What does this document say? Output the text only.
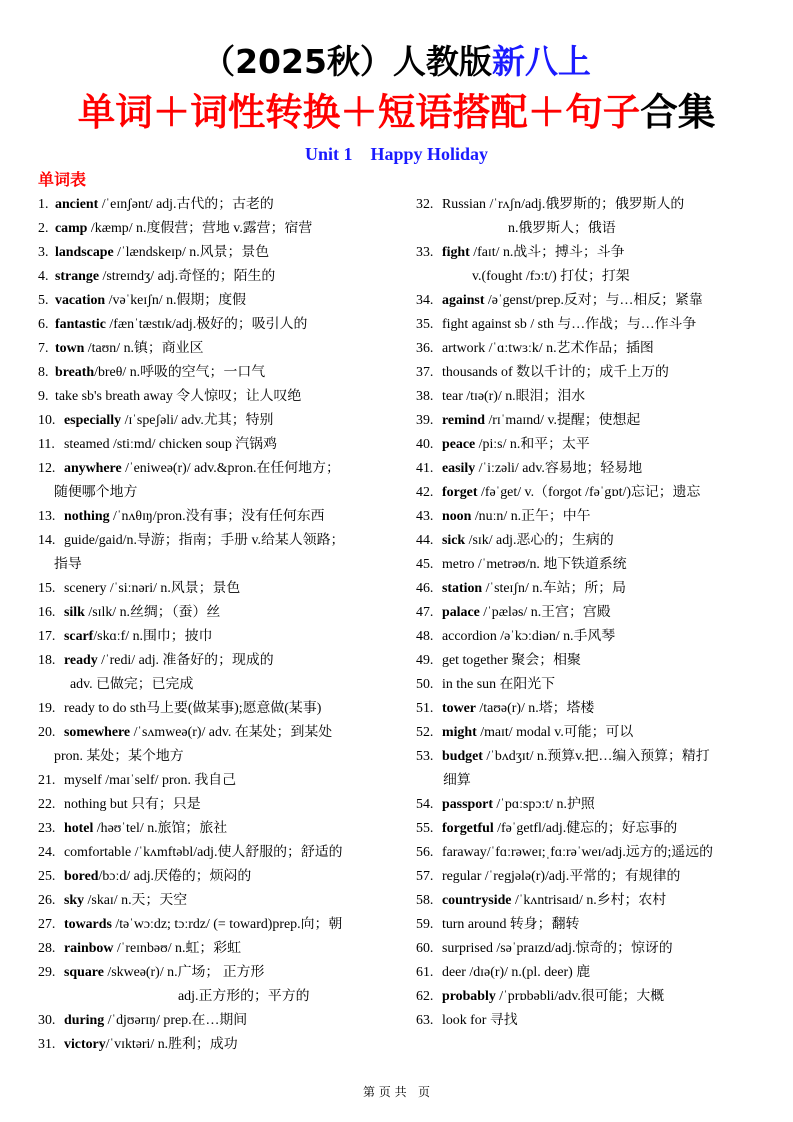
（2025秋）人教版新八上
单词＋词性转换＋短语搭配＋句子合集
Unit 1    Happy Holiday
单词表
1. ancient /ˈeɪnʃənt/ adj.古代的；古老的
2. camp /kæmp/ n.度假营；营地 v.露营；宿营
3. landscape /ˈlændskeɪp/ n.风景；景色
4. strange /streɪndʒ/ adj.奇怪的；陌生的
5. vacation /vəˈkeɪʃn/ n.假期；度假
6. fantastic /fænˈtæstɪk/adj.极好的；吸引人的
7. town /taʊn/ n.镇；商业区
8. breath/breθ/ n.呼吸的空气；一口气
9. take sb's breath away 令人惊叹；让人叹绝
10. especially /ɪˈspeʃəli/ adv.尤其；特别
11. steamed /stiːmd/ chicken soup 汽锅鸡
12. anywhere /ˈeniweə(r)/ adv.&pron.在任何地方；
随便哪个地方
13. nothing /ˈnʌθɪŋ/pron.没有事；没有任何东西
14. guide/gaid/n.导游；指南；手册 v.给某人领路；
指导
15. scenery /ˈsiːnəri/ n.风景；景色
16. silk /sɪlk/ n.丝绸；（蚕）丝
17. scarf/skɑːf/ n.围巾；披巾
18. ready /ˈredi/ adj. 准备好的；现成的
adv. 已做完；已完成
19. ready to do sth马上要(做某事);愿意做(某事)
20. somewhere /ˈsʌmweə(r)/ adv. 在某处；到某处
pron. 某处；某个地方
21. myself /maɪˈself/ pron. 我自己
22. nothing but 只有；只是
23. hotel /həʊˈtel/ n.旅馆；旅社
24. comfortable /ˈkʌmftəbl/adj.使人舒服的；舒适的
25. bored/bɔːd/ adj.厌倦的；烦闷的
26. sky /skaɪ/ n.天；天空
27. towards /təˈwɔːdz; tɔːrdz/ (= toward)prep.向；朝
28. rainbow /ˈreɪnbəʊ/ n.虹；彩虹
29. square /skweə(r)/ n.广场； 正方形
adj.正方形的；平方的
30. during /ˈdjʊərɪŋ/ prep.在…期间
31. victory/ˈvɪktəri/ n.胜利；成功
32. Russian /ˈrʌʃn/adj.俄罗斯的；俄罗斯人的
n.俄罗斯人；俄语
33. fight /faɪt/ n.战斗；搏斗；斗争
v.(fought /fɔːt/) 打仗；打架
34. against /əˈgenst/prep.反对；与…相反；紧靠
35. fight against sb / sth 与…作战；与…作斗争
36. artwork /ˈɑːtwɜːk/ n.艺术作品；插图
37. thousands of 数以千计的；成千上万的
38. tear /tɪə(r)/ n.眼泪；泪水
39. remind /rɪˈmaɪnd/ v.提醒；使想起
40. peace /piːs/ n.和平；太平
41. easily /ˈiːzəli/ adv.容易地；轻易地
42. forget /fəˈget/ v.（forgot /fəˈgɒt/)忘记；遗忘
43. noon /nuːn/ n.正午；中午
44. sick /sɪk/ adj.恶心的；生病的
45. metro /ˈmetrəʊ/n. 地下铁道系统
46. station /ˈsteɪʃn/ n.车站；所；局
47. palace /ˈpæləs/ n.王宫；宫殿
48. accordion /əˈkɔːdiən/ n.手风琴
49. get together 聚会；相聚
50. in the sun 在阳光下
51. tower /taʊə(r)/ n.塔；塔楼
52. might /maɪt/ modal v.可能；可以
53. budget /ˈbʌdʒɪt/ n.预算v.把…编入预算；精打
细算
54. passport /ˈpɑːspɔːt/ n.护照
55. forgetful /fəˈgetfl/adj.健忘的；好忘事的
56. faraway/ˈfɑːrəweɪ;ˌfɑːrəˈweɪ/adj.远方的;遥远的
57. regular /ˈregjələ(r)/adj.平常的；有规律的
58. countryside /ˈkʌntrisaɪd/ n.乡村；农村
59. turn around 转身；翻转
60. surprised /səˈpraɪzd/adj.惊奇的；惊讶的
61. deer /dɪə(r)/ n.(pl. deer) 鹿
62. probably /ˈprɒbəbli/adv.很可能；大概
63. look for 寻找
第 页 共   页
